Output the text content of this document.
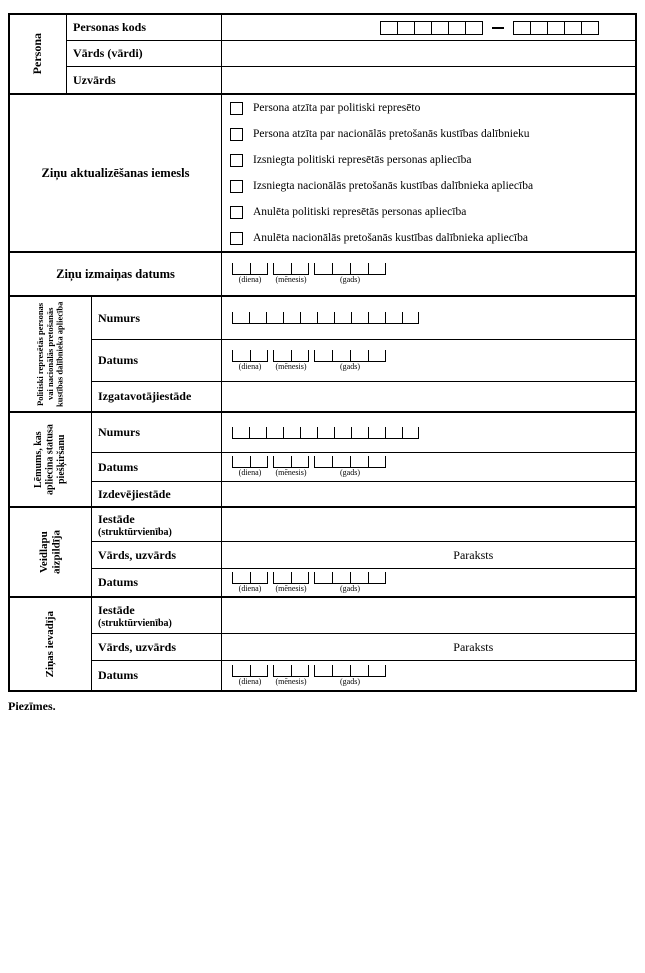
Persona
Personas kods
Vārds (vārdi)
Uzvārds
Ziņu aktualizēšanas iemesls
Persona atzīta par politiski represēto
Persona atzīta par nacionālās pretošanās kustības dalībnieku
Izsniegta politiski represētās personas apliecība
Izsniegta nacionālās pretošanās kustības dalībnieka apliecība
Anulēta politiski represētās personas apliecība
Anulēta nacionālās pretošanās kustības dalībnieka apliecība
Ziņu izmaiņas datums	(diena)	(mēnesis)	(gads)
Politiski represētās personas vai nacionālās pretošanās kustības dalībnieka apliecība	Numurs
Datums	(diena)	(mēnesis)	(gads)
Izgatavotājiestāde
Lēmums, kas apliecina statusa piešķiršanu
Numurs
Datums	(diena)	(mēnesis)	(gads)
Izdevējiestāde
Veidlapu aizpildīja
Iestāde
(struktūrvienība)
Vārds, uzvārds	Paraksts
Datums	(diena)	(mēnesis)	(gads)
Ziņas ievadīja
Iestāde
(struktūrvienība)
Vārds, uzvārds	Paraksts
Datums	(diena)	(mēnesis)	(gads)
Piezīmes.
